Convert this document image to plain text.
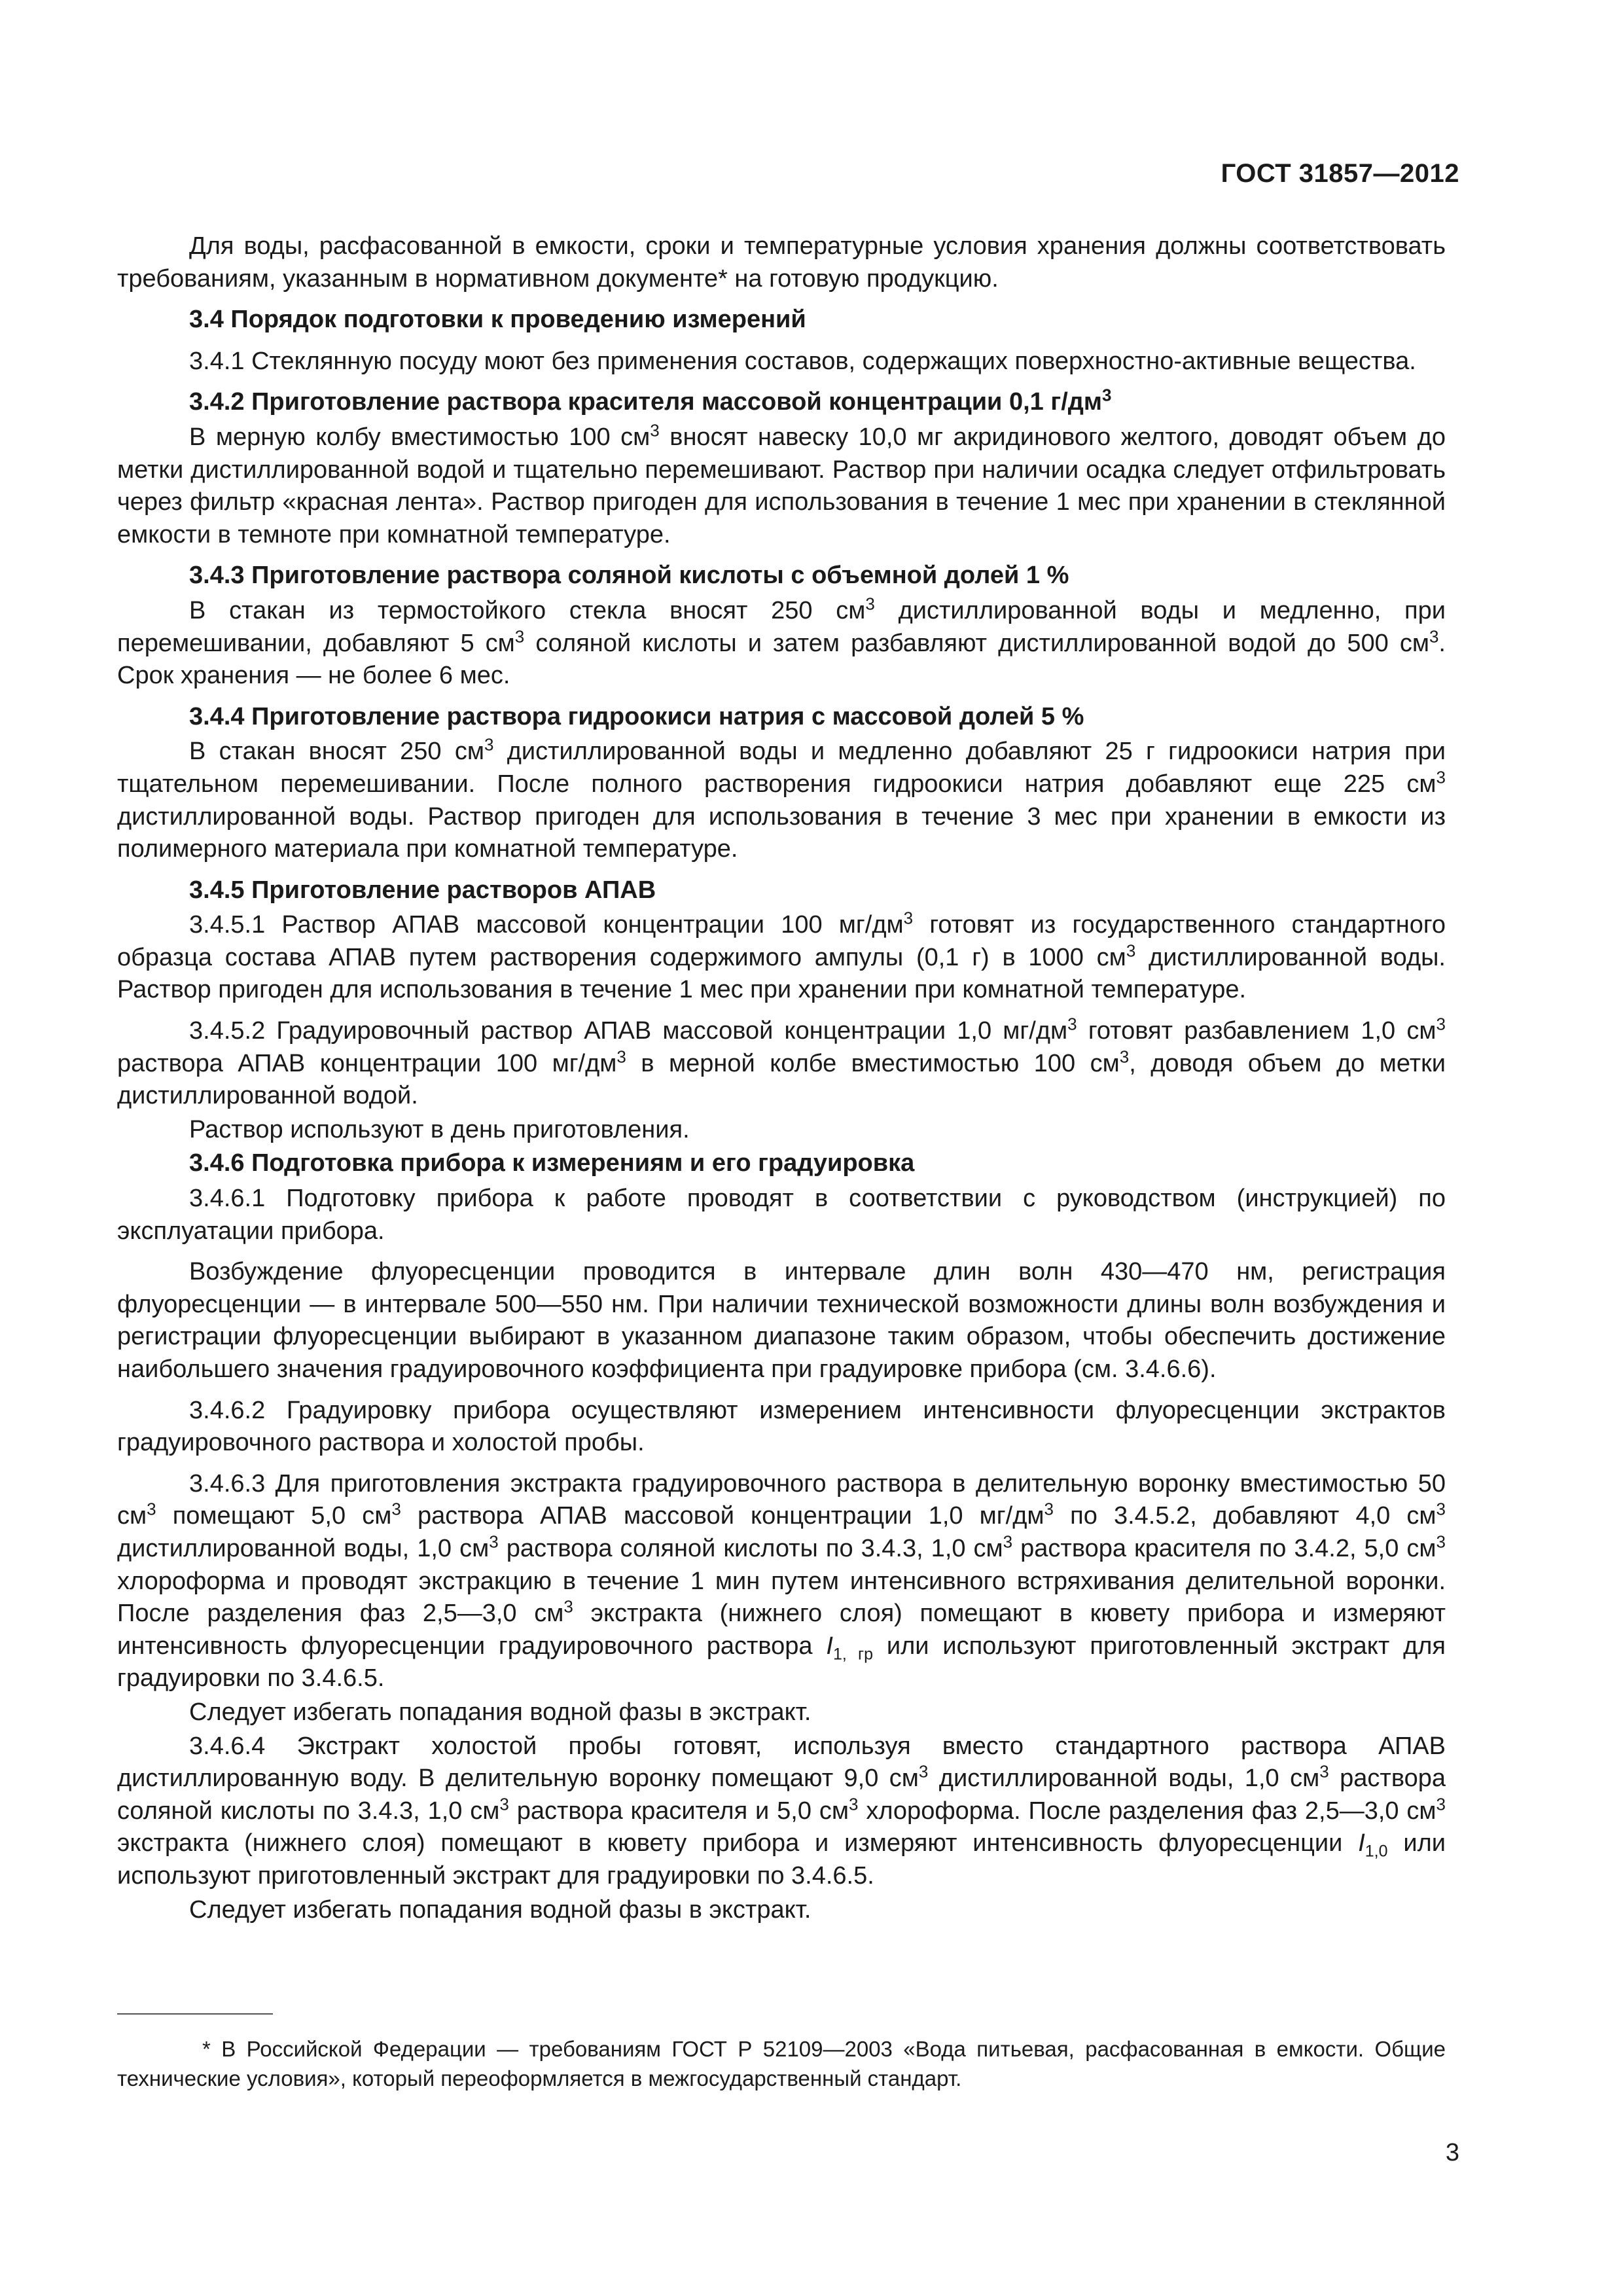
ГОСТ 31857—2012

Для воды, расфасованной в емкости, сроки и температурные условия хранения должны соответствовать требованиям, указанным в нормативном документе* на готовую продукцию.

3.4 Порядок подготовки к проведению измерений

3.4.1 Стеклянную посуду моют без применения составов, содержащих поверхностно-активные вещества.

3.4.2 Приготовление раствора красителя массовой концентрации 0,1 $г/дм^3$

В мерную колбу вместимостью 100 $см^3$ вносят навеску 10,0 мг акридинового желтого, доводят объем до метки дистиллированной водой и тщательно перемешивают. Раствор при наличии осадка следует отфильтровать через фильтр «красная лента». Раствор пригоден для использования в течение 1 мес при хранении в стеклянной емкости в темноте при комнатной температуре.

3.4.3 Приготовление раствора соляной кислоты с объемной долей 1 %

В стакан из термостойкого стекла вносят 250 $см^3$ дистиллированной воды и медленно, при перемешивании, добавляют 5 $см^3$ соляной кислоты и затем разбавляют дистиллированной водой до 500 $см^3$. Срок хранения — не более 6 мес.

3.4.4 Приготовление раствора гидроокиси натрия с массовой долей 5 %

В стакан вносят 250 $см^3$ дистиллированной воды и медленно добавляют 25 г гидроокиси натрия при тщательном перемешивании. После полного растворения гидроокиси натрия добавляют еще 225 $см^3$ дистиллированной воды. Раствор пригоден для использования в течение 3 мес при хранении в емкости из полимерного материала при комнатной температуре.

3.4.5 Приготовление растворов АПАВ

3.4.5.1 Раствор АПАВ массовой концентрации 100 $мг/дм^3$ готовят из государственного стандартного образца состава АПАВ путем растворения содержимого ампулы (0,1 г) в 1000 $см^3$ дистиллированной воды. Раствор пригоден для использования в течение 1 мес при хранении при комнатной температуре.

3.4.5.2 Градуировочный раствор АПАВ массовой концентрации 1,0 $мг/дм^3$ готовят разбавлением 1,0 $см^3$ раствора АПАВ концентрации 100 $мг/дм^3$ в мерной колбе вместимостью 100 $см^3$, доводя объем до метки дистиллированной водой.

Раствор используют в день приготовления.

3.4.6 Подготовка прибора к измерениям и его градуировка

3.4.6.1 Подготовку прибора к работе проводят в соответствии с руководством (инструкцией) по эксплуатации прибора.

Возбуждение флуоресценции проводится в интервале длин волн 430—470 нм, регистрация флуоресценции — в интервале 500—550 нм. При наличии технической возможности длины волн возбуждения и регистрации флуоресценции выбирают в указанном диапазоне таким образом, чтобы обеспечить достижение наибольшего значения градуировочного коэффициента при градуировке прибора (см. 3.4.6.6).

3.4.6.2 Градуировку прибора осуществляют измерением интенсивности флуоресценции экстрактов градуировочного раствора и холостой пробы.

3.4.6.3 Для приготовления экстракта градуировочного раствора в делительную воронку вместимостью 50 $см^3$ помещают 5,0 $см^3$ раствора АПАВ массовой концентрации 1,0 $мг/дм^3$ по 3.4.5.2, добавляют 4,0 $см^3$ дистиллированной воды, 1,0 $см^3$ раствора соляной кислоты по 3.4.3, 1,0 $см^3$ раствора красителя по 3.4.2, 5,0 $см^3$ хлороформа и проводят экстракцию в течение 1 мин путем интенсивного встряхивания делительной воронки. После разделения фаз 2,5—3,0 $см^3$ экстракта (нижнего слоя) помещают в кювету прибора и измеряют интенсивность флуоресценции градуировочного раствора $I_{1, гр}$ или используют приготовленный экстракт для градуировки по 3.4.6.5.

Следует избегать попадания водной фазы в экстракт.

3.4.6.4 Экстракт холостой пробы готовят, используя вместо стандартного раствора АПАВ дистиллированную воду. В делительную воронку помещают 9,0 $см^3$ дистиллированной воды, 1,0 $см^3$ раствора соляной кислоты по 3.4.3, 1,0 $см^3$ раствора красителя и 5,0 $см^3$ хлороформа. После разделения фаз 2,5—3,0 $см^3$ экстракта (нижнего слоя) помещают в кювету прибора и измеряют интенсивность флуоресценции $I_{1,0}$ или используют приготовленный экстракт для градуировки по 3.4.6.5.

Следует избегать попадания водной фазы в экстракт.

* В Российской Федерации — требованиям ГОСТ Р 52109—2003 «Вода питьевая, расфасованная в емкости. Общие технические условия», который переоформляется в межгосударственный стандарт.

3
